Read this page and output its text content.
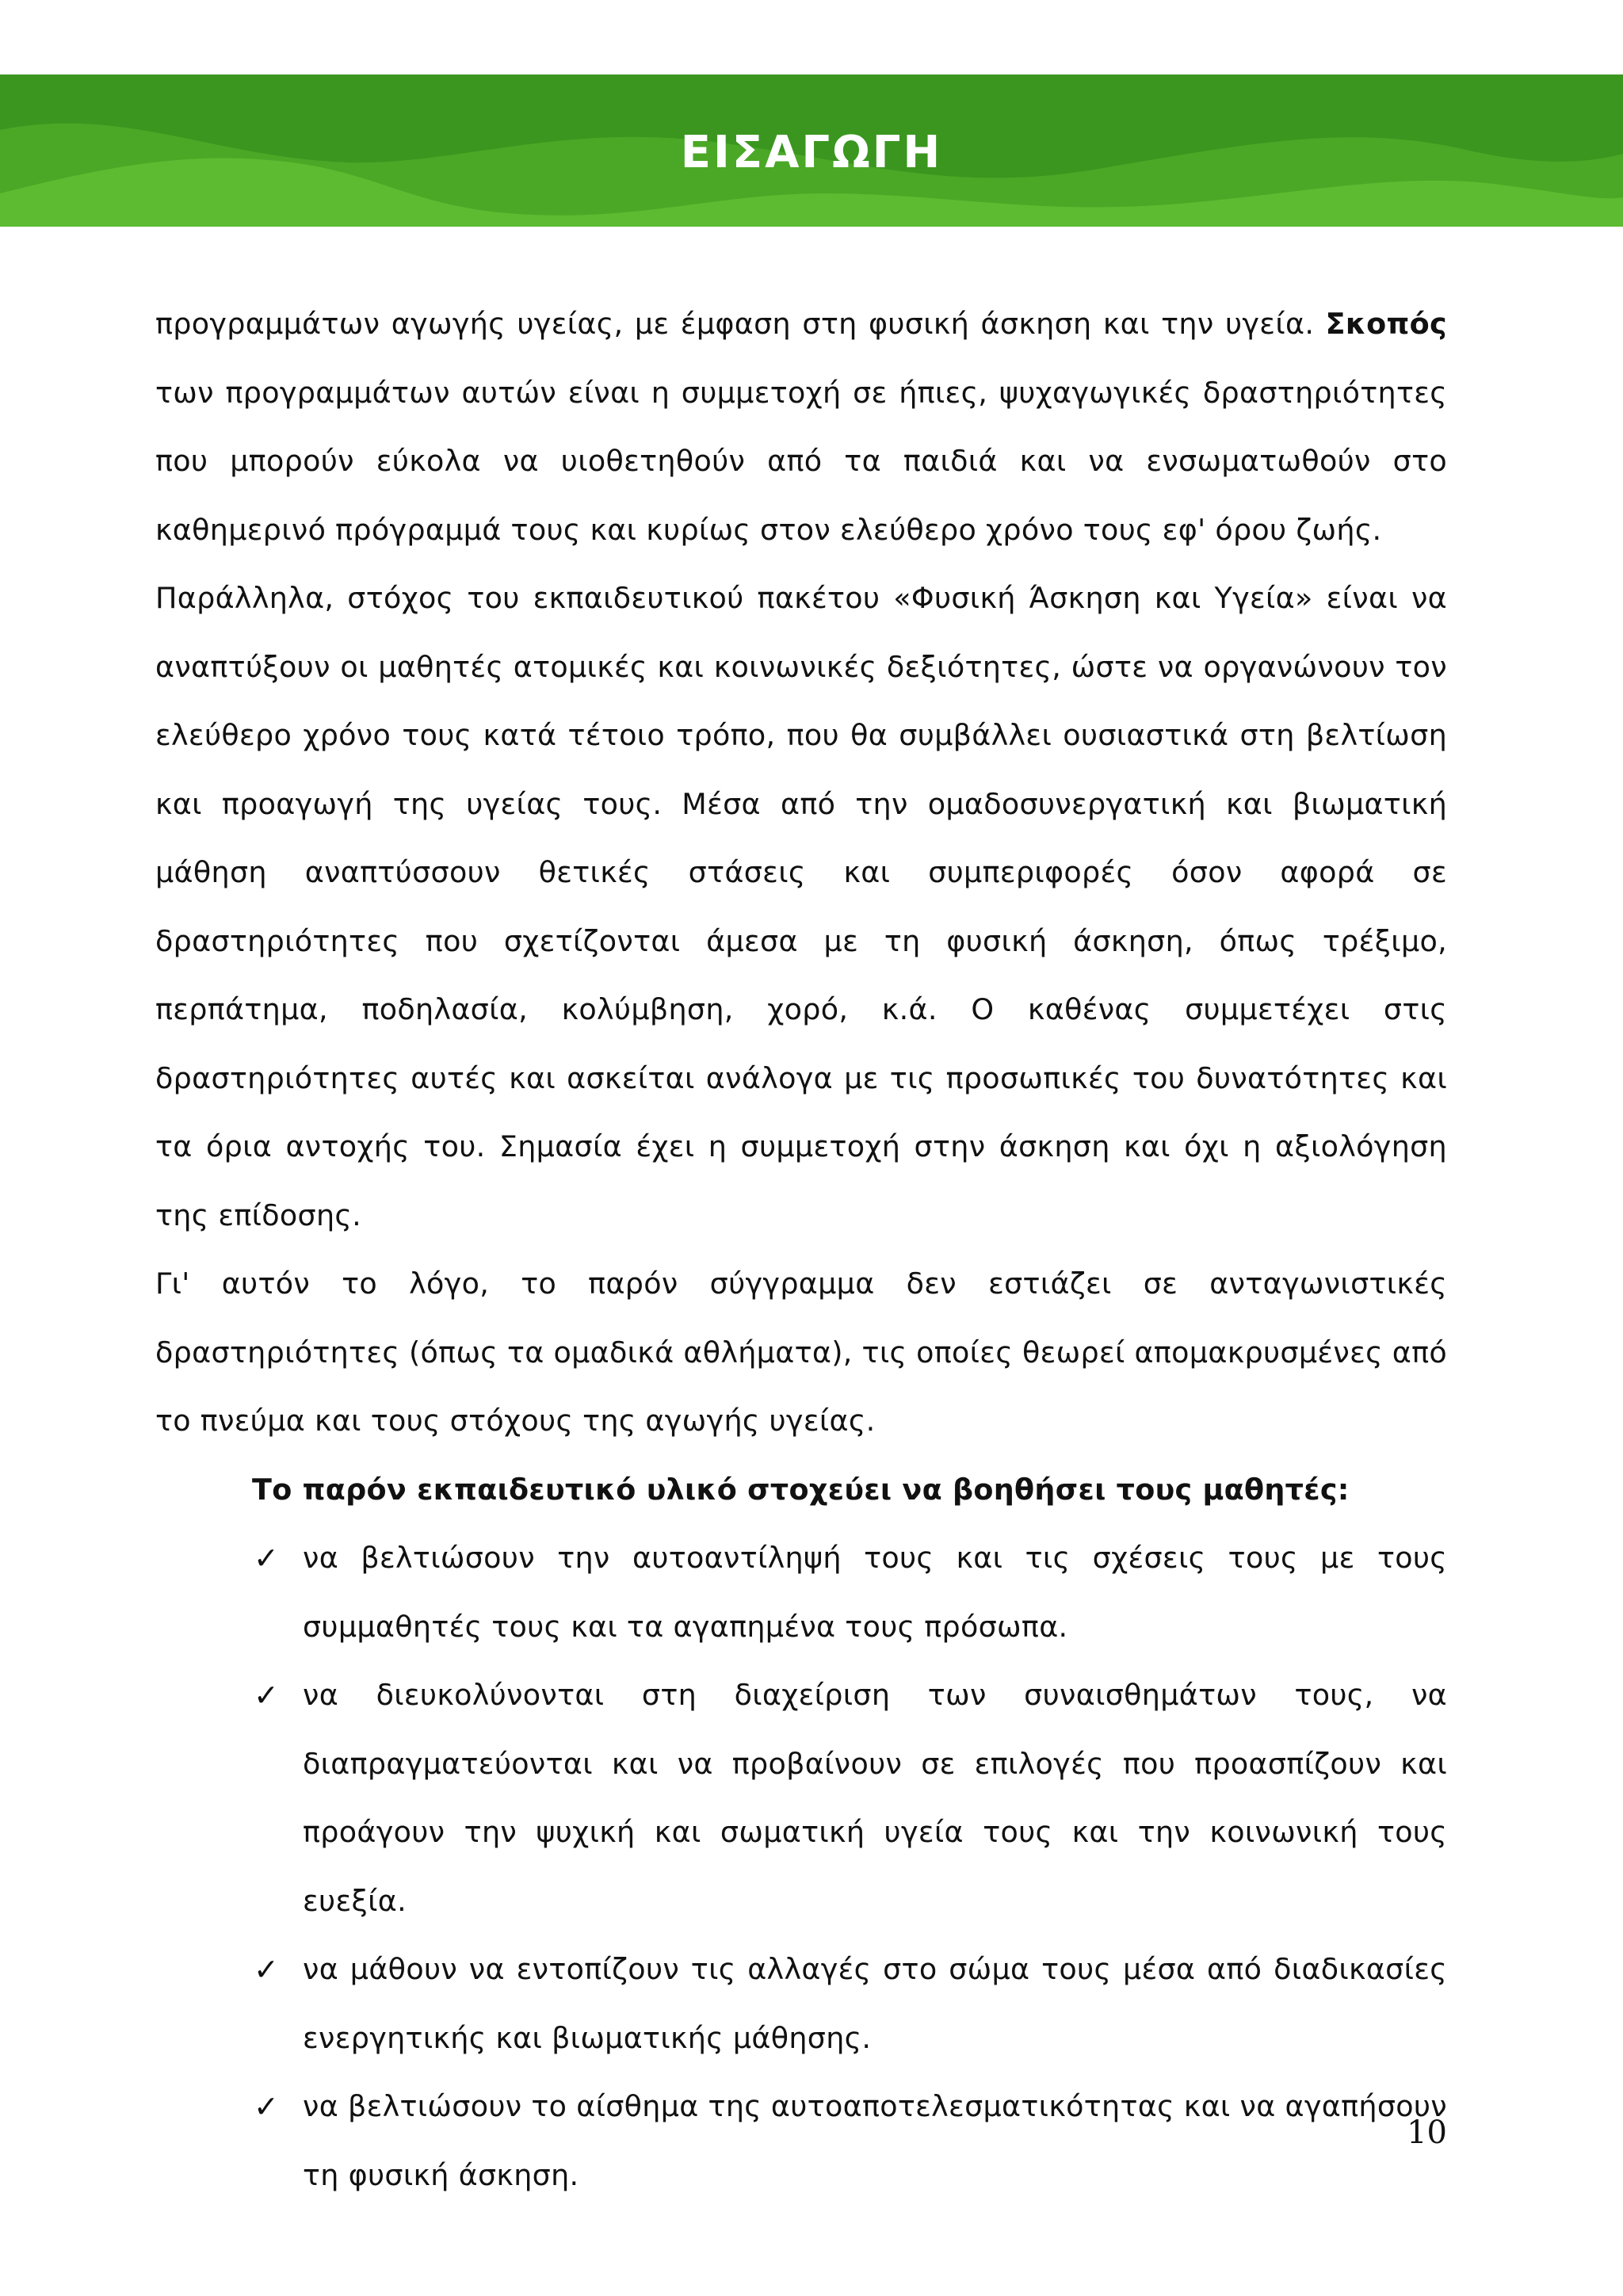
ΕΙΣΑΓΩΓΗ

προγραμμάτων αγωγής υγείας, με έμφαση στη φυσική άσκηση και την υγεία. Σκοπός των προγραμμάτων αυτών είναι η συμμετοχή σε ήπιες, ψυχαγωγικές δραστηριότητες που μπορούν εύκολα να υιοθετηθούν από τα παιδιά και να ενσωματωθούν στο καθημερινό πρόγραμμά τους και κυρίως στον ελεύθερο χρόνο τους εφ' όρου ζωής.

Παράλληλα, στόχος του εκπαιδευτικού πακέτου «Φυσική Άσκηση και Υγεία» είναι να αναπτύξουν οι μαθητές ατομικές και κοινωνικές δεξιότητες, ώστε να οργανώνουν τον ελεύθερο χρόνο τους κατά τέτοιο τρόπο, που θα συμβάλλει ουσιαστικά στη βελτίωση και προαγωγή της υγείας τους. Μέσα από την ομαδοσυνεργατική και βιωματική μάθηση αναπτύσσουν θετικές στάσεις και συμπεριφορές όσον αφορά σε δραστηριότητες που σχετίζονται άμεσα με τη φυσική άσκηση, όπως τρέξιμο, περπάτημα, ποδηλασία, κολύμβηση, χορό, κ.ά. Ο καθένας συμμετέχει στις δραστηριότητες αυτές και ασκείται ανάλογα με τις προσωπικές του δυνατότητες και τα όρια αντοχής του. Σημασία έχει η συμμετοχή στην άσκηση και όχι η αξιολόγηση της επίδοσης.

Γι' αυτόν το λόγο, το παρόν σύγγραμμα δεν εστιάζει σε ανταγωνιστικές δραστηριότητες (όπως τα ομαδικά αθλήματα), τις οποίες θεωρεί απομακρυσμένες από το πνεύμα και τους στόχους της αγωγής υγείας.

Το παρόν εκπαιδευτικό υλικό στοχεύει να βοηθήσει τους μαθητές:

✓ να βελτιώσουν την αυτοαντίληψή τους και τις σχέσεις τους με τους συμμαθητές τους και τα αγαπημένα τους πρόσωπα.
✓ να διευκολύνονται στη διαχείριση των συναισθημάτων τους, να διαπραγματεύονται και να προβαίνουν σε επιλογές που προασπίζουν και προάγουν την ψυχική και σωματική υγεία τους και την κοινωνική τους ευεξία.
✓ να μάθουν να εντοπίζουν τις αλλαγές στο σώμα τους μέσα από διαδικασίες ενεργητικής και βιωματικής μάθησης.
✓ να βελτιώσουν το αίσθημα της αυτοαποτελεσματικότητας και να αγαπήσουν τη φυσική άσκηση.
10
